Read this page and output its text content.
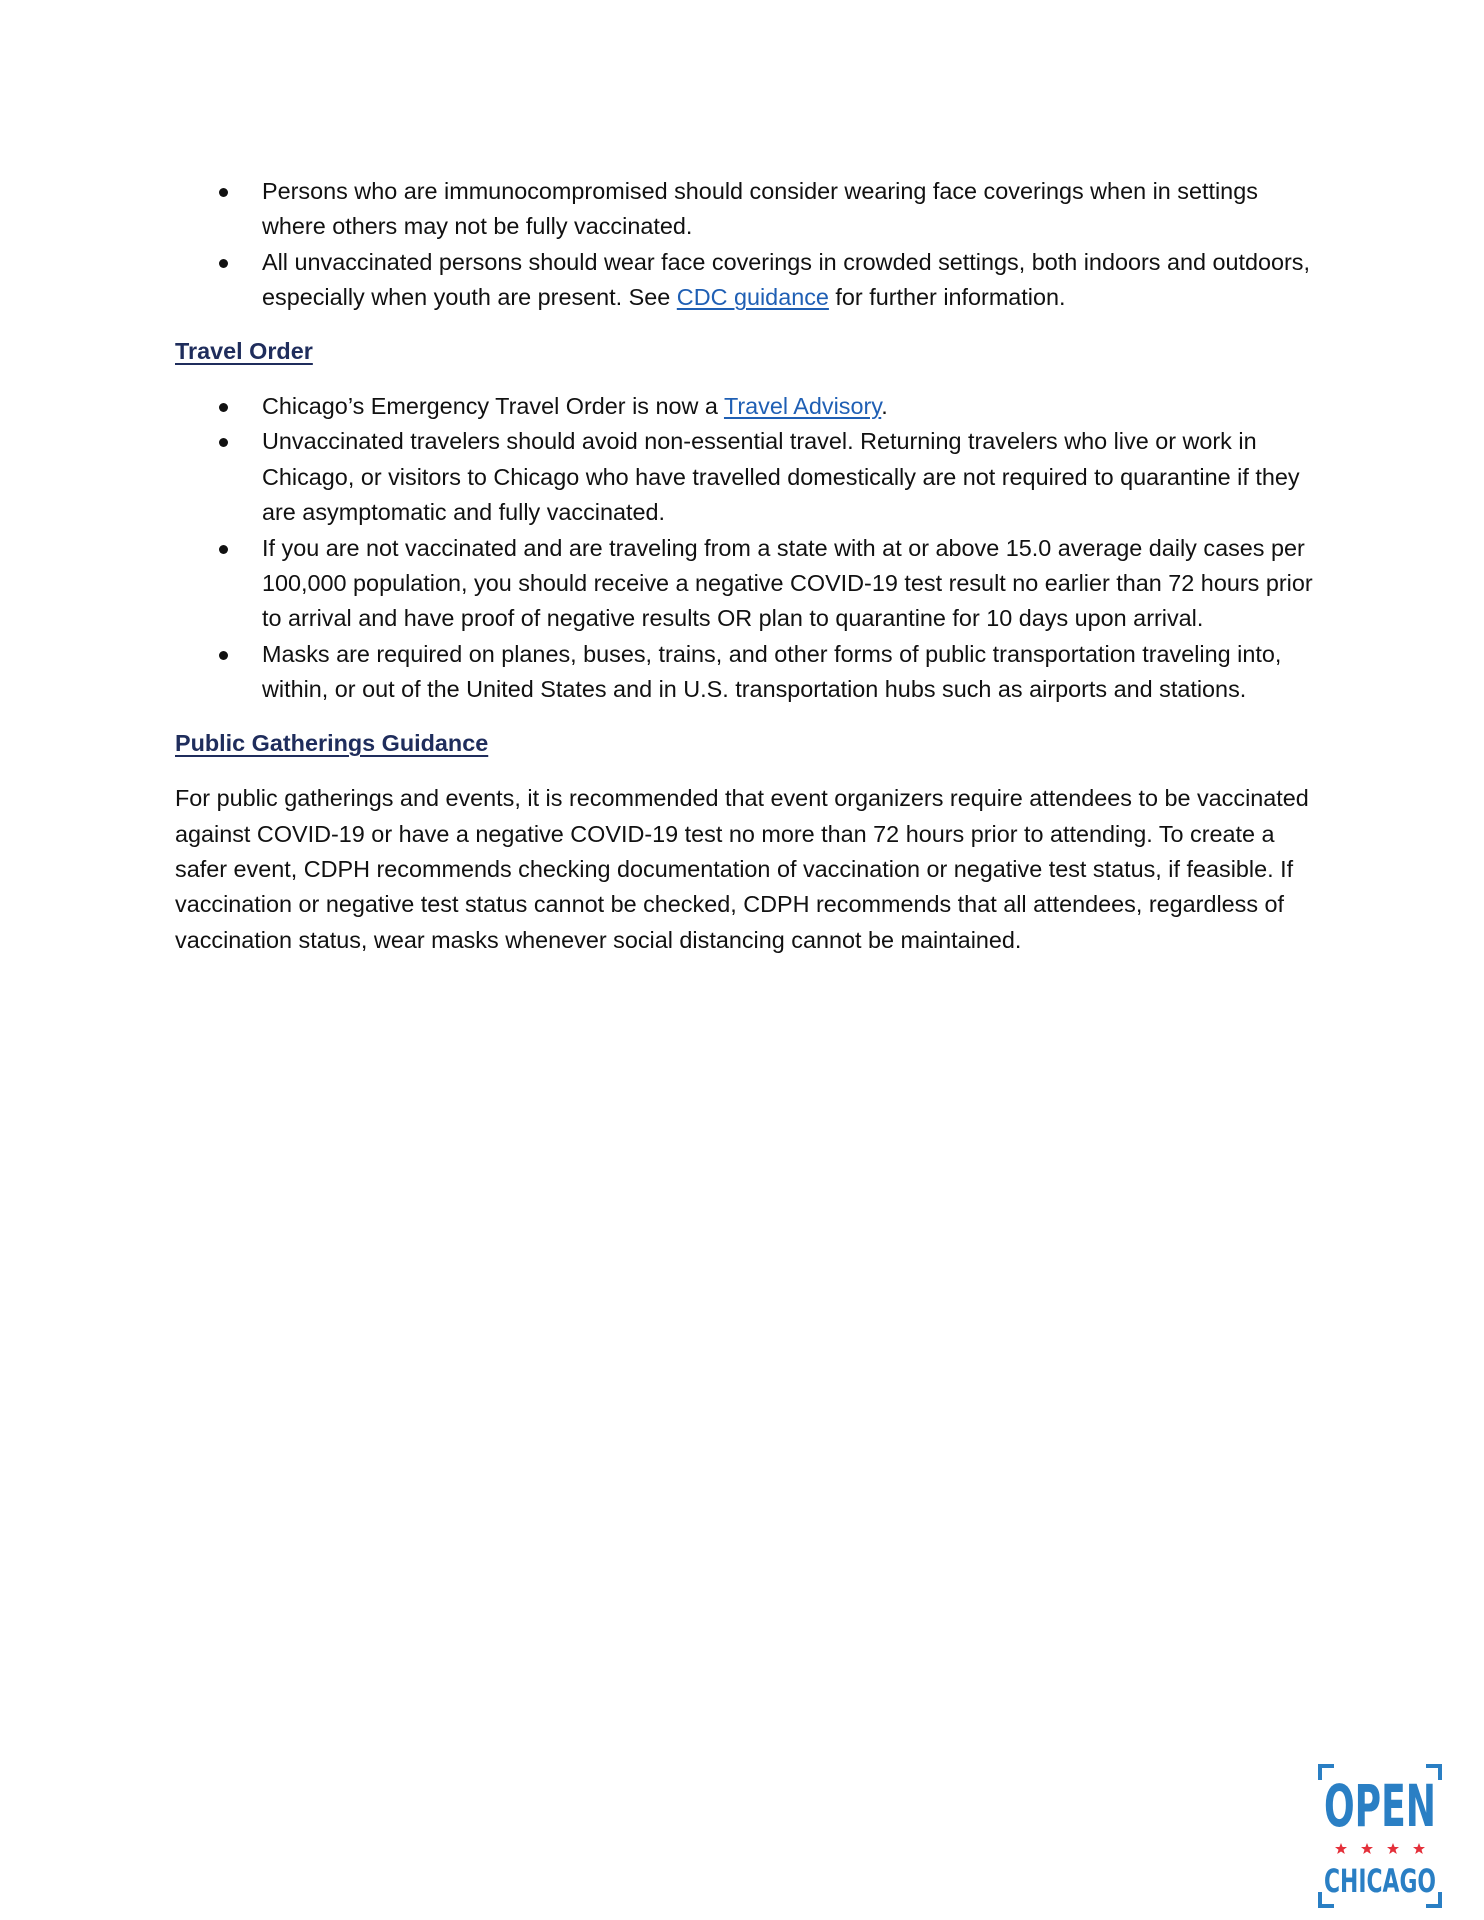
Persons who are immunocompromised should consider wearing face coverings when in settings where others may not be fully vaccinated.
All unvaccinated persons should wear face coverings in crowded settings, both indoors and outdoors, especially when youth are present. See CDC guidance for further information.
Travel Order
Chicago’s Emergency Travel Order is now a Travel Advisory.
Unvaccinated travelers should avoid non-essential travel. Returning travelers who live or work in Chicago, or visitors to Chicago who have travelled domestically are not required to quarantine if they are asymptomatic and fully vaccinated.
If you are not vaccinated and are traveling from a state with at or above 15.0 average daily cases per 100,000 population, you should receive a negative COVID-19 test result no earlier than 72 hours prior to arrival and have proof of negative results OR plan to quarantine for 10 days upon arrival.
Masks are required on planes, buses, trains, and other forms of public transportation traveling into, within, or out of the United States and in U.S. transportation hubs such as airports and stations.
Public Gatherings Guidance

For public gatherings and events, it is recommended that event organizers require attendees to be vaccinated against COVID-19 or have a negative COVID-19 test no more than 72 hours prior to attending. To create a safer event, CDPH recommends checking documentation of vaccination or negative test status, if feasible. If vaccination or negative test status cannot be checked, CDPH recommends that all attendees, regardless of vaccination status, wear masks whenever social distancing cannot be maintained.

OPEN
CHICAGO
